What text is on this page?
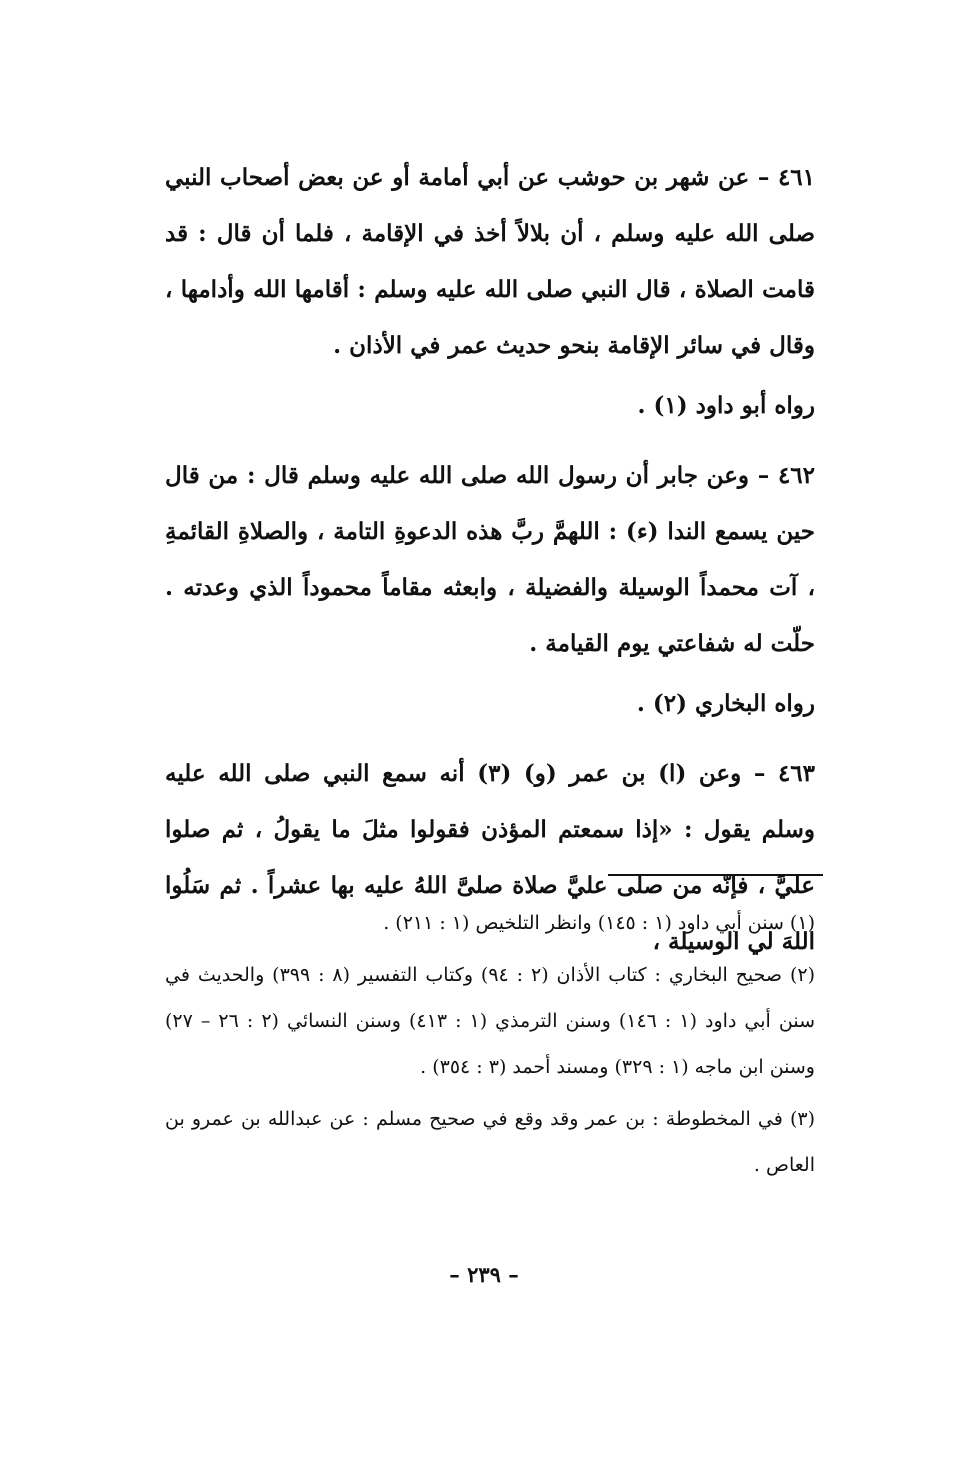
٤٦١ – عن شهر بن حوشب عن أبي أمامة أو عن بعض أصحاب النبي صلى الله عليه وسلم ، أن بلالاً أخذ في الإقامة ، فلما أن قال : قد قامت الصلاة ، قال النبي صلى الله عليه وسلم : أقامها الله وأدامها ، وقال في سائر الإقامة بنحو حديث عمر في الأذان .

رواه أبو داود (١) .

٤٦٢ – وعن جابر أن رسول الله صلى الله عليه وسلم قال : من قال حين يسمع الندا (ء) : اللهمَّ ربَّ هذه الدعوةِ التامة ، والصلاةِ القائمةِ ، آت محمداً الوسيلة والفضيلة ، وابعثه مقاماً محموداً الذي وعدته . حلّت له شفاعتي يوم القيامة .

رواه البخاري (٢) .

٤٦٣ – وعن (ا) بن عمر (و) (٣) أنه سمع النبي صلى الله عليه وسلم يقول : «إذا سمعتم المؤذن فقولوا مثلَ ما يقولُ ، ثم صلوا عليَّ ، فإنّه من صلى عليَّ صلاة صلىَّ اللهُ عليه بها عشراً . ثم سَلُوا اللهَ لي الوسيلة ،

(١) سنن أبي داود (١ : ١٤٥) وانظر التلخيص (١ : ٢١١) .

(٢) صحيح البخاري : كتاب الأذان (٢ : ٩٤) وكتاب التفسير (٨ : ٣٩٩) والحديث في سنن أبي داود (١ : ١٤٦) وسنن الترمذي (١ : ٤١٣) وسنن النسائي (٢ : ٢٦ – ٢٧) وسنن ابن ماجه (١ : ٣٢٩) ومسند أحمد (٣ : ٣٥٤) .

(٣) في المخطوطة : بن عمر وقد وقع في صحيح مسلم : عن عبدالله بن عمرو بن العاص .

– ٢٣٩ –
